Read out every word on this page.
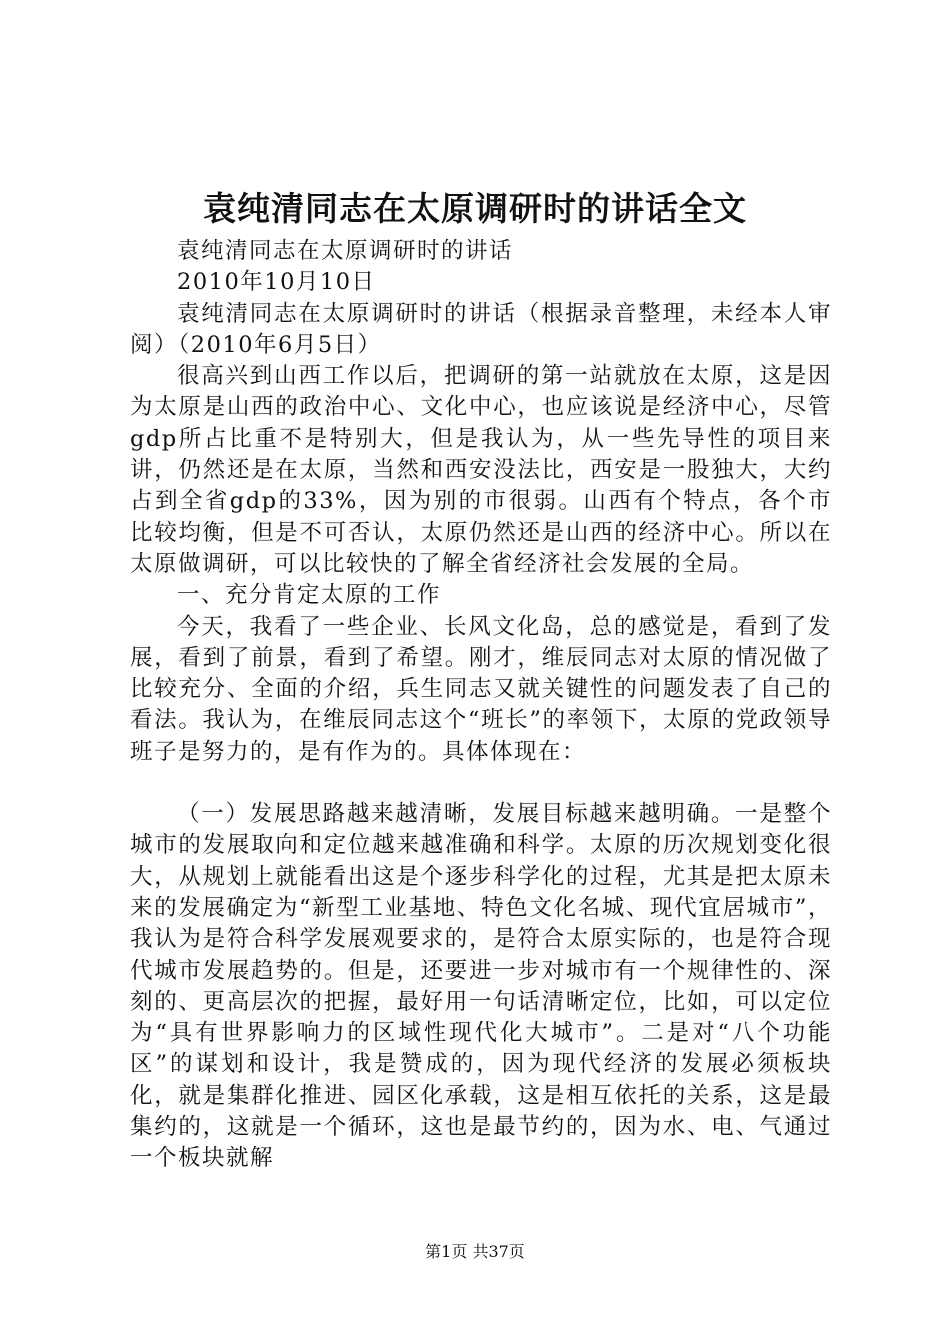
袁纯清同志在太原调研时的讲话全文

袁纯清同志在太原调研时的讲话

2010年10月10日

袁纯清同志在太原调研时的讲话（根据录音整理，未经本人审阅）（2010年6月5日）

很高兴到山西工作以后，把调研的第一站就放在太原，这是因为太原是山西的政治中心、文化中心，也应该说是经济中心，尽管gdp所占比重不是特别大，但是我认为，从一些先导性的项目来讲，仍然还是在太原，当然和西安没法比，西安是一股独大，大约占到全省gdp的33%，因为别的市很弱。山西有个特点，各个市比较均衡，但是不可否认，太原仍然还是山西的经济中心。所以在太原做调研，可以比较快的了解全省经济社会发展的全局。

一、充分肯定太原的工作

今天，我看了一些企业、长风文化岛，总的感觉是，看到了发展，看到了前景，看到了希望。刚才，维辰同志对太原的情况做了比较充分、全面的介绍，兵生同志又就关键性的问题发表了自己的看法。我认为，在维辰同志这个“班长”的率领下，太原的党政领导班子是努力的，是有作为的。具体体现在：

（一）发展思路越来越清晰，发展目标越来越明确。一是整个城市的发展取向和定位越来越准确和科学。太原的历次规划变化很大，从规划上就能看出这是个逐步科学化的过程，尤其是把太原未来的发展确定为“新型工业基地、特色文化名城、现代宜居城市”，我认为是符合科学发展观要求的，是符合太原实际的，也是符合现代城市发展趋势的。但是，还要进一步对城市有一个规律性的、深刻的、更高层次的把握，最好用一句话清晰定位，比如，可以定位为“具有世界影响力的区域性现代化大城市”。二是对“八个功能区”的谋划和设计，我是赞成的，因为现代经济的发展必须板块化，就是集群化推进、园区化承载，这是相互依托的关系，这是最集约的，这就是一个循环，这也是最节约的，因为水、电、气通过一个板块就解

第1页 共37页
